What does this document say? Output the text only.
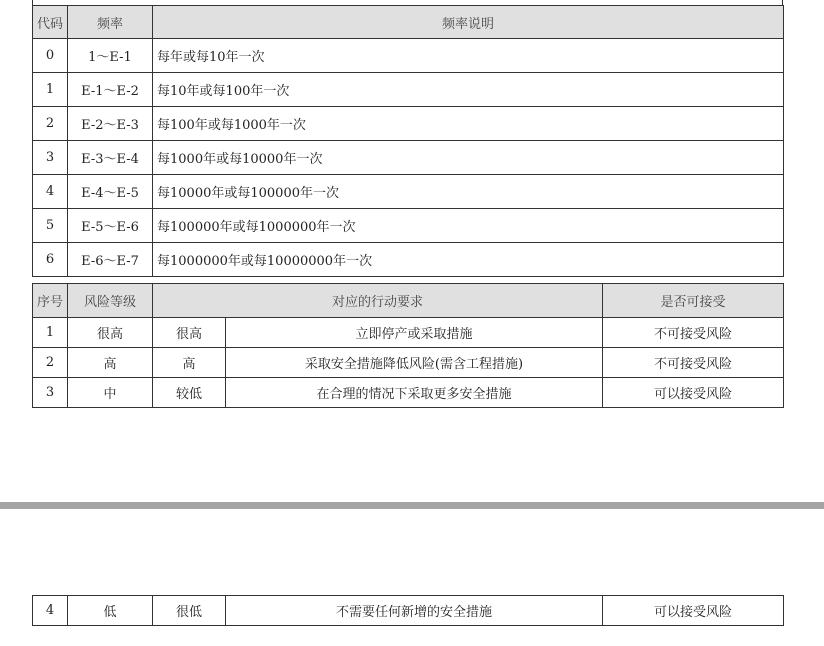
代码	频率	频率说明
0	1～E-1	每年或每10年一次
1	E-1～E-2	每10年或每100年一次
2	E-2～E-3	每100年或每1000年一次
3	E-3～E-4	每1000年或每10000年一次
4	E-4～E-5	每10000年或每100000年一次
5	E-5～E-6	每100000年或每1000000年一次
6	E-6～E-7	每1000000年或每10000000年一次
序号	风险等级	对应的行动要求		是否可接受
1	很高	很高	立即停产或采取措施	不可接受风险
2	高	高	采取安全措施降低风险(需含工程措施)	不可接受风险
3	中	较低	在合理的情况下采取更多安全措施	可以接受风险
4	低	很低	不需要任何新增的安全措施	可以接受风险
